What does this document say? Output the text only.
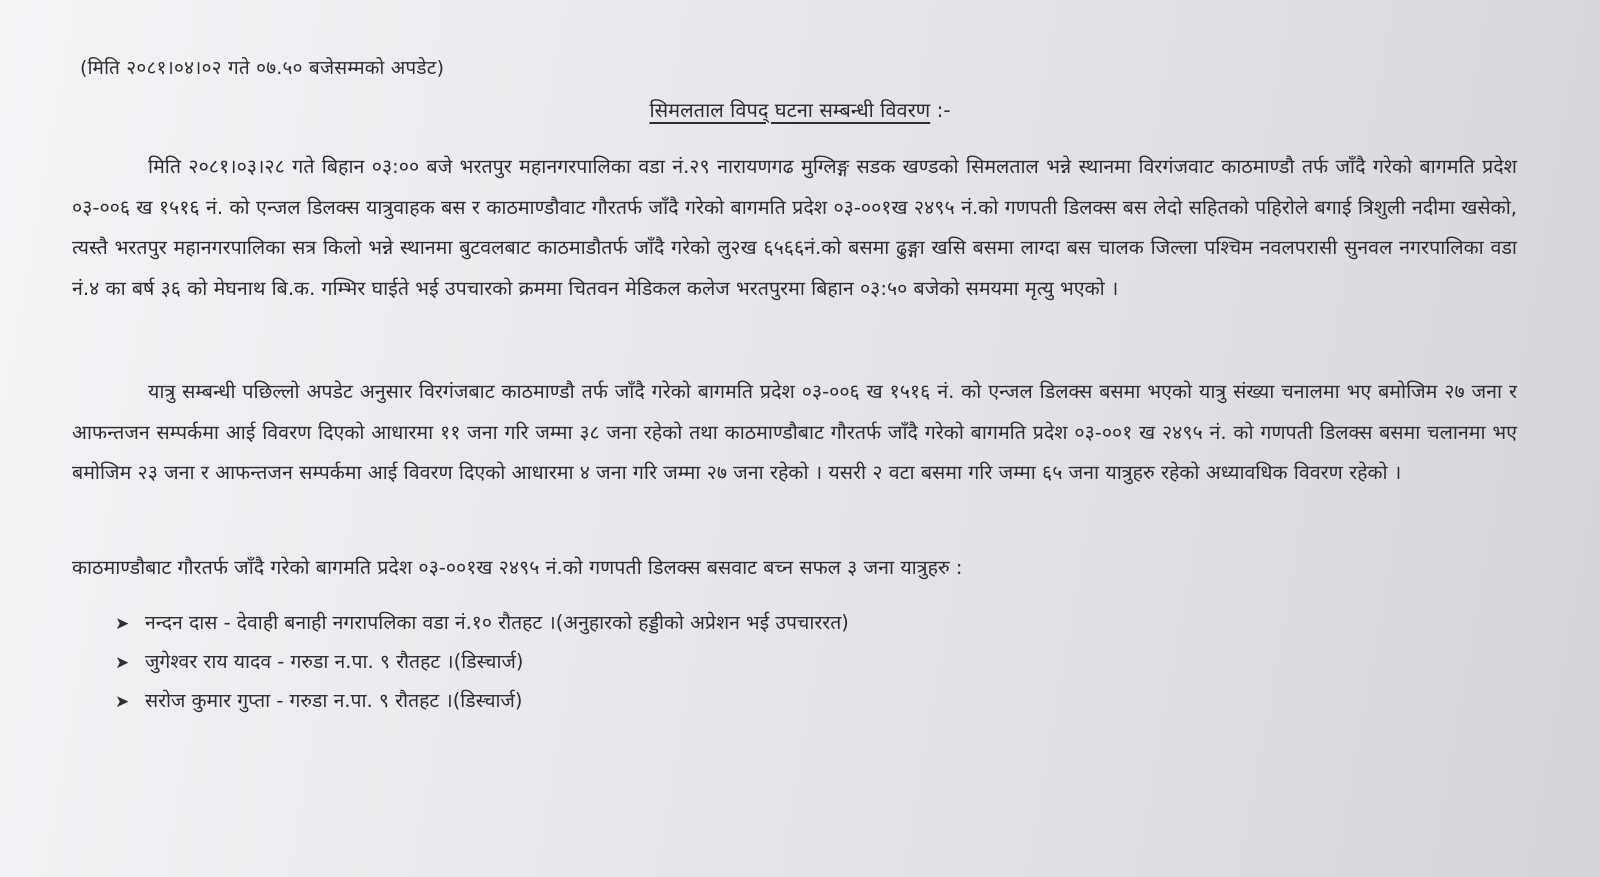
(मिति २०८१।०४।०२ गते ०७.५० बजेसम्मको अपडेट)
सिमलताल विपद् घटना सम्बन्धी विवरण :-
मिति २०८१।०३।२८ गते बिहान ०३:०० बजे भरतपुर महानगरपालिका वडा नं.२९ नारायणगढ मुग्लिङ्ग सडक खण्डको सिमलताल भन्ने स्थानमा विरगंजवाट काठमाण्डौ तर्फ जाँदै गरेको बागमति प्रदेश ०३-००६ ख १५१६ नं. को एन्जल डिलक्स यात्रुवाहक बस र काठमाण्डौवाट गौरतर्फ जाँदै गरेको बागमति प्रदेश ०३-००१ख २४९५ नं.को गणपती डिलक्स बस लेदो सहितको पहिरोले बगाई त्रिशुली नदीमा खसेको, त्यस्तै भरतपुर महानगरपालिका सत्र किलो भन्ने स्थानमा बुटवलबाट काठमाडौतर्फ जाँदै गरेको लु२ख ६५६६नं.को बसमा ढुङ्गा खसि बसमा लाग्दा बस चालक जिल्ला पश्चिम नवलपरासी सुनवल नगरपालिका वडा नं.४ का बर्ष ३६ को मेघनाथ बि.क. गम्भिर घाईते भई उपचारको क्रममा चितवन मेडिकल कलेज भरतपुरमा बिहान ०३:५० बजेको समयमा मृत्यु भएको ।
यात्रु सम्बन्धी पछिल्लो अपडेट अनुसार विरगंजबाट काठमाण्डौ तर्फ जाँदै गरेको बागमति प्रदेश ०३-००६ ख १५१६ नं. को एन्जल डिलक्स बसमा भएको यात्रु संख्या चनालमा भए बमोजिम २७ जना र आफन्तजन सम्पर्कमा आई विवरण दिएको आधारमा ११ जना गरि जम्मा ३८ जना रहेको तथा काठमाण्डौबाट गौरतर्फ जाँदै गरेको बागमति प्रदेश ०३-००१ ख २४९५ नं. को गणपती डिलक्स बसमा चलानमा भए बमोजिम २३ जना र आफन्तजन सम्पर्कमा आई विवरण दिएको आधारमा ४ जना गरि जम्मा २७ जना रहेको । यसरी २ वटा बसमा गरि जम्मा ६५ जना यात्रुहरु रहेको अध्यावधिक विवरण रहेको ।
काठमाण्डौबाट गौरतर्फ जाँदै गरेको बागमति प्रदेश ०३-००१ख २४९५ नं.को गणपती डिलक्स बसवाट बच्न सफल ३ जना यात्रुहरु :
➤ नन्दन दास - देवाही बनाही नगरापलिका वडा नं.१० रौतहट ।(अनुहारको हड्डीको अप्रेशन भई उपचाररत)
➤ जुगेश्वर राय यादव - गरुडा न.पा. ९ रौतहट ।(डिस्चार्ज)
➤ सरोज कुमार गुप्ता - गरुडा न.पा. ९ रौतहट ।(डिस्चार्ज)
